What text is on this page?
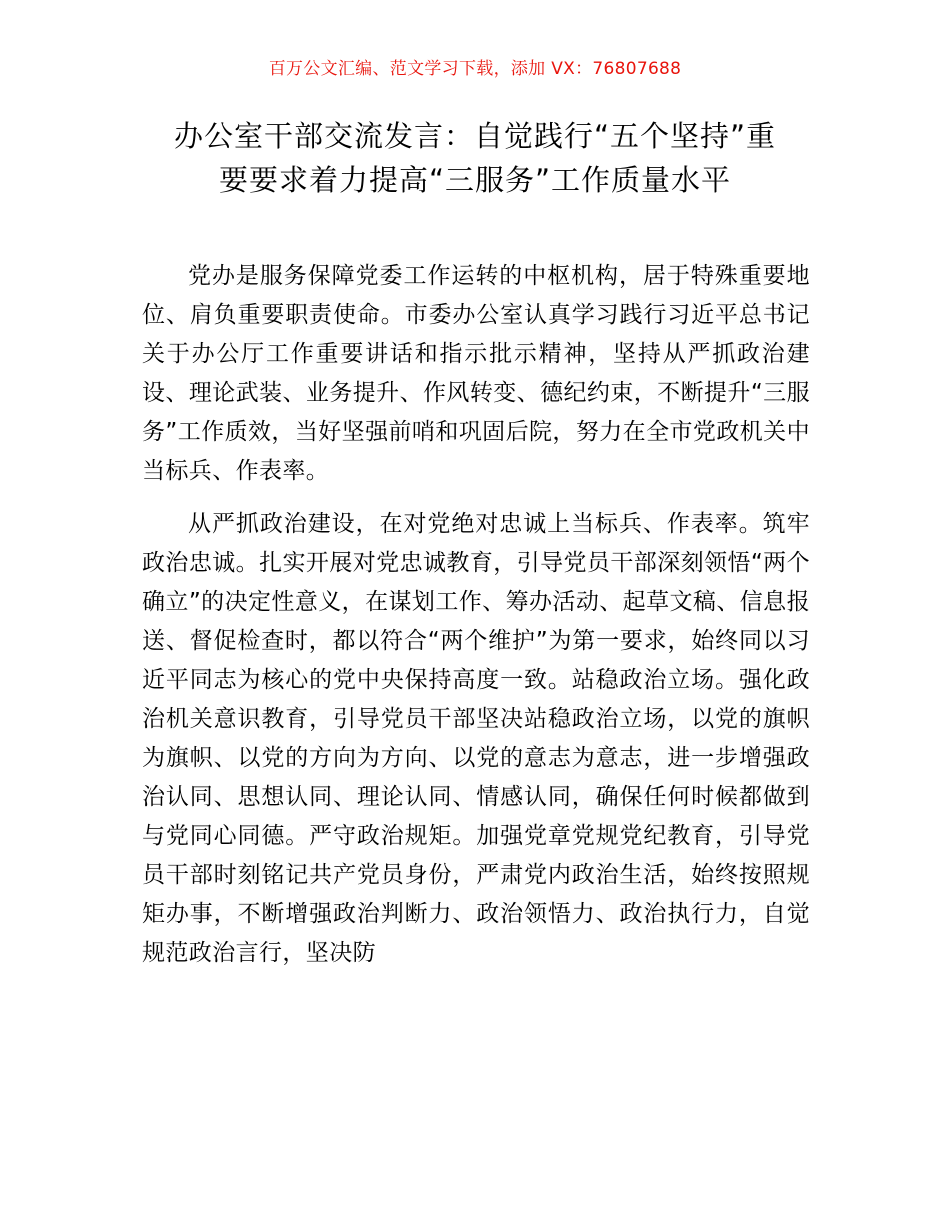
百万公文汇编、范文学习下载，添加 VX：76807688
办公室干部交流发言：自觉践行“五个坚持”重要要求着力提高“三服务”工作质量水平

党办是服务保障党委工作运转的中枢机构，居于特殊重要地位、肩负重要职责使命。市委办公室认真学习践行习近平总书记关于办公厅工作重要讲话和指示批示精神，坚持从严抓政治建设、理论武装、业务提升、作风转变、德纪约束，不断提升“三服务”工作质效，当好坚强前哨和巩固后院，努力在全市党政机关中当标兵、作表率。

从严抓政治建设，在对党绝对忠诚上当标兵、作表率。筑牢政治忠诚。扎实开展对党忠诚教育，引导党员干部深刻领悟“两个确立”的决定性意义，在谋划工作、筹办活动、起草文稿、信息报送、督促检查时，都以符合“两个维护”为第一要求，始终同以习近平同志为核心的党中央保持高度一致。站稳政治立场。强化政治机关意识教育，引导党员干部坚决站稳政治立场，以党的旗帜为旗帜、以党的方向为方向、以党的意志为意志，进一步增强政治认同、思想认同、理论认同、情感认同，确保任何时候都做到与党同心同德。严守政治规矩。加强党章党规党纪教育，引导党员干部时刻铭记共产党员身份，严肃党内政治生活，始终按照规矩办事，不断增强政治判断力、政治领悟力、政治执行力，自觉规范政治言行，坚决防
